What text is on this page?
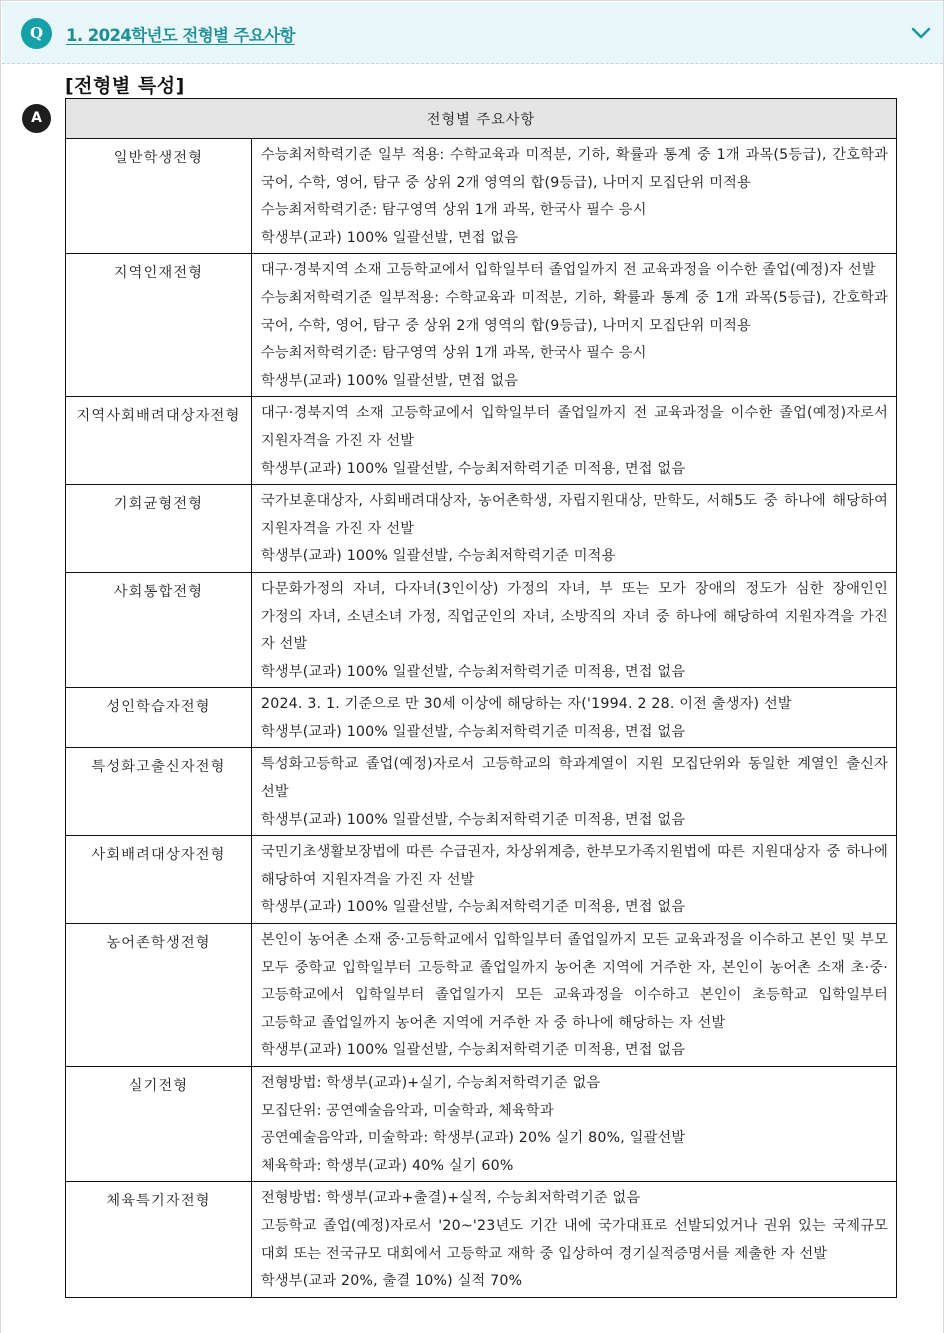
Q	1. 2024학년도 전형별 주요사항
[전형별 특성]
A	전형별 주요사항	
일반학생전형	수능최저학력기준 일부 적용: 수학교육과 미적분, 기하, 확률과 통계 중 1개 과목(5등급), 간호학과 국어, 수학, 영어, 탐구 중 상위 2개 영역의 합(9등급), 나머지 모집단위 미적용
수능최저학력기준: 탐구영역 상위 1개 과목, 한국사 필수 응시
학생부(교과) 100% 일괄선발, 면접 없음

지역인재전형	대구·경북지역 소재 고등학교에서 입학일부터 졸업일까지 전 교육과정을 이수한 졸업(예정)자 선발
수능최저학력기준 일부적용: 수학교육과 미적분, 기하, 확률과 통계 중 1개 과목(5등급), 간호학과 국어, 수학, 영어, 탐구 중 상위 2개 영역의 합(9등급), 나머지 모집단위 미적용
수능최저학력기준: 탐구영역 상위 1개 과목, 한국사 필수 응시
학생부(교과) 100% 일괄선발, 면접 없음

지역사회배려대상자전형	대구·경북지역 소재 고등학교에서 입학일부터 졸업일까지 전 교육과정을 이수한 졸업(예정)자로서 지원자격을 가진 자 선발
학생부(교과) 100% 일괄선발, 수능최저학력기준 미적용, 면접 없음

기회균형전형	국가보훈대상자, 사회배려대상자, 농어촌학생, 자립지원대상, 만학도, 서해5도 중 하나에 해당하여 지원자격을 가진 자 선발
학생부(교과) 100% 일괄선발, 수능최저학력기준 미적용

사회통합전형	다문화가정의 자녀, 다자녀(3인이상) 가정의 자녀, 부 또는 모가 장애의 정도가 심한 장애인인 가정의 자녀, 소년소녀 가정, 직업군인의 자녀, 소방직의 자녀 중 하나에 해당하여 지원자격을 가진 자 선발
학생부(교과) 100% 일괄선발, 수능최저학력기준 미적용, 면접 없음

성인학습자전형	2024. 3. 1. 기준으로 만 30세 이상에 해당하는 자('1994. 2 28. 이전 출생자) 선발
학생부(교과) 100% 일괄선발, 수능최저학력기준 미적용, 면접 없음

특성화고출신자전형	특성화고등학교 졸업(예정)자로서 고등학교의 학과계열이 지원 모집단위와 동일한 계열인 출신자 선발
학생부(교과) 100% 일괄선발, 수능최저학력기준 미적용, 면접 없음

사회배려대상자전형	국민기초생활보장법에 따른 수급권자, 차상위계층, 한부모가족지원법에 따른 지원대상자 중 하나에 해당하여 지원자격을 가진 자 선발
학생부(교과) 100% 일괄선발, 수능최저학력기준 미적용, 면접 없음

농어존학생전형	본인이 농어촌 소재 중·고등학교에서 입학일부터 졸업일까지 모든 교육과정을 이수하고 본인 및 부모 모두 중학교 입학일부터 고등학교 졸업일까지 농어촌 지역에 거주한 자, 본인이 농어촌 소재 초·중·고등학교에서 입학일부터 졸업일가지 모든 교육과정을 이수하고 본인이 초등학교 입학일부터 고등학교 졸업일까지 농어촌 지역에 거주한 자 중 하나에 해당하는 자 선발
학생부(교과) 100% 일괄선발, 수능최저학력기준 미적용, 면접 없음

실기전형	전형방법: 학생부(교과)+실기, 수능최저학력기준 없음
모집단위: 공연예술음악과, 미술학과, 체육학과
공연예술음악과, 미술학과: 학생부(교과) 20% 실기 80%, 일괄선발
체육학과: 학생부(교과) 40% 실기 60%

체육특기자전형	전형방법: 학생부(교과+출결)+실적, 수능최저학력기준 없음
고등학교 졸업(예정)자로서 '20~'23년도 기간 내에 국가대표로 선발되었거나 권위 있는 국제규모 대회 또는 전국규모 대회에서 고등학교 재학 중 입상하여 경기실적증명서를 제출한 자 선발
학생부(교과 20%, 출결 10%) 실적 70%
